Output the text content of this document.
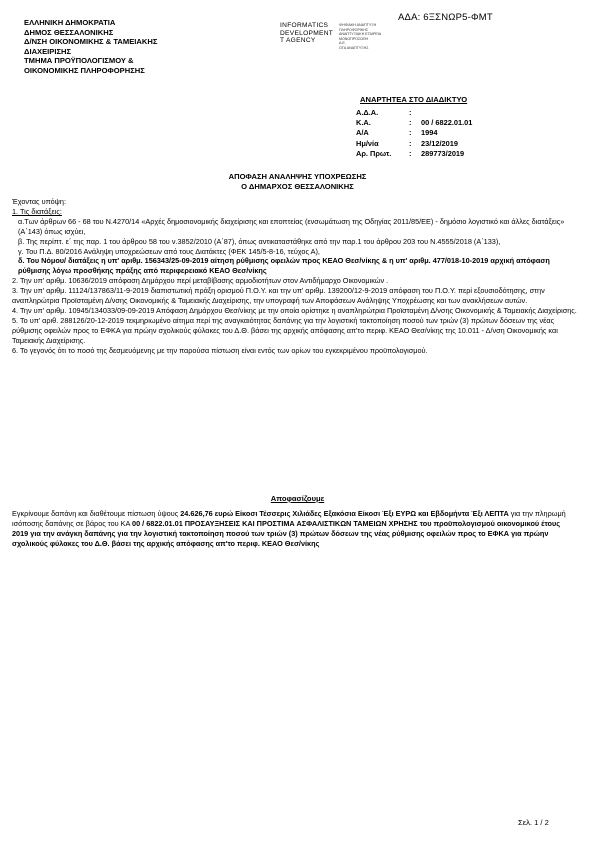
ΑΔΑ: 6ΞΣΝΩΡ5-ΦΜΤ
ΕΛΛΗΝΙΚΗ ΔΗΜΟΚΡΑΤΙΑ
ΔΗΜΟΣ ΘΕΣΣΑΛΟΝΙΚΗΣ
Δ/ΝΣΗ ΟΙΚΟΝΟΜΙΚΗΣ & ΤΑΜΕΙΑΚΗΣ
ΔΙΑΧΕΙΡΙΣΗΣ
ΤΜΗΜΑ ΠΡΟΫΠΟΛΟΓΙΣΜΟΥ &
ΟΙΚΟΝΟΜΙΚΗΣ ΠΛΗΡΟΦΟΡΗΣΗΣ
INFORMATICS
DEVELOPMENT
T AGENCY
ΨΗΦΙΑΚΗ ΑΝΑΠΤΥΞΗ
ΠΛΗΡΟΦΟΡΙΚΗΣ
ΑΝΑΠΤΥΞΙΑΚΗ ΕΤΑΙΡΕΙΑ
ΜΟΝΟΠΡΟΣΩΠΗ
Α.Ε.
ΟΤΑ ΑΝΑΠΤΥΞΗΣ
ΑΝΑΡΤΗΤΕΑ ΣΤΟ ΔΙΑΔΙΚΤΥΟ
Α.Δ.Α.	:	
Κ.Α.	:	00 / 6822.01.01
Α/Α	:	1994
Ημ/νία	:	23/12/2019
Αρ. Πρωτ.	:	289773/2019
ΑΠΟΦΑΣΗ ΑΝΑΛΗΨΗΣ ΥΠΟΧΡΕΩΣΗΣ
Ο ΔΗΜΑΡΧΟΣ ΘΕΣΣΑΛΟΝΙΚΗΣ

Έχοντας υπόψη:

1. Τις διατάξεις:

α.Των άρθρων 66 - 68 του Ν.4270/14 «Αρχές δημοσιονομικής διαχείρισης και εποπτείας (ενσωμάτωση της Οδηγίας 2011/85/ΕΕ) - δημόσιο λογιστικό και άλλες διατάξεις» (Α΄143) όπως ισχύει,

β. Της περίπτ. ε΄ της παρ. 1 του άρθρου 58 του ν.3852/2010 (Α΄87), όπως αντικαταστάθηκε από την παρ.1 του άρθρου 203 του Ν.4555/2018 (Α΄133),

γ. Του Π.Δ. 80/2016 Ανάληψη υποχρεώσεων από τους Διατάκτες (ΦΕΚ 145/5-8-16, τεύχος Α),

δ. Του Νόμου/ διατάξεις η υπ' αριθμ. 156343/25-09-2019 αίτηση ρύθμισης οφειλών προς ΚΕΑΟ Θεσ/νίκης & η υπ' αριθμ. 477/018-10-2019 αρχική απόφαση ρύθμισης λόγω προσθήκης πράξης από περιφερειακό ΚΕΑΟ Θεσ/νίκης

2. Την υπ' αριθμ. 10636/2019 απόφαση Δημάρχου περί μεταβίβασης αρμοδιοτήτων στον Αντιδήμαρχο Οικονομικών .

3. Την υπ' αριθμ. 11124/137863/11-9-2019 διαπιστωτική πράξη ορισμού Π.Ο.Υ. και την υπ' αριθμ. 139200/12-9-2019 απόφαση του Π.Ο.Υ. περί εξουσιοδότησης, στην αναπληρώτρια Προϊσταμένη Δ/νσης Οικονομικής & Ταμειακής Διαχείρισης, την υπογραφή των Αποφάσεων Ανάληψης Υποχρέωσης και των ανακλήσεων αυτών.

4. Την υπ' αριθμ. 10945/134033/09-09-2019 Απόφαση Δημάρχου Θεσ/νίκης με την οποία ορίστηκε η αναπληρώτρια Προϊσταμένη Δ/νσης Οικονομικής & Ταμειακής Διαχείρισης.

5. Το υπ' αριθ. 288126/20-12-2019 τεκμηριωμένο αίτημα περί της αναγκαιότητας δαπάνης για την λογιστική τακτοποίηση ποσού των τριών (3) πρώτων δόσεων της νέας ρύθμισης οφειλών προς το ΕΦΚΑ για πρώην σχολικούς φύλακες του Δ.Θ. βάσει της αρχικής απόφασης απ'το περιφ. ΚΕΑΟ Θεσ/νίκης της 10.011 - Δ/νση Οικονομικής και Ταμειακής Διαχείρισης.

6. Το γεγονός ότι το ποσό της δεσμευόμενης με την παρούσα πίστωση είναι εντός των ορίων του εγκεκριμένου προϋπολογισμού.

Αποφασίζουμε

Εγκρίνουμε δαπάνη και διαθέτουμε πίστωση ύψους 24.626,76 ευρώ Είκοσι Τέσσερις Χιλιάδες Εξακόσια Είκοσι Έξι ΕΥΡΩ και Εβδομήντα Έξι ΛΕΠΤΑ για την πληρωμή ισόποσης δαπάνης σε βάρος του ΚΑ 00 / 6822.01.01 ΠΡΟΣΑΥΞΗΣΕΙΣ ΚΑΙ ΠΡΟΣΤΙΜΑ ΑΣΦΑΛΙΣΤΙΚΩΝ ΤΑΜΕΙΩΝ ΧΡΗΣΗΣ του προϋπολογισμού οικονομικού έτους 2019 για την ανάγκη δαπάνης για την λογιστική τακτοποίηση ποσού των τριών (3) πρώτων δόσεων της νέας ρύθμισης οφειλών προς το ΕΦΚΑ για πρώην σχολικούς φύλακες του Δ.Θ. βάσει της αρχικής απόφασης απ'το περιφ. ΚΕΑΟ Θεσ/νίκης

Σελ. 1 / 2
